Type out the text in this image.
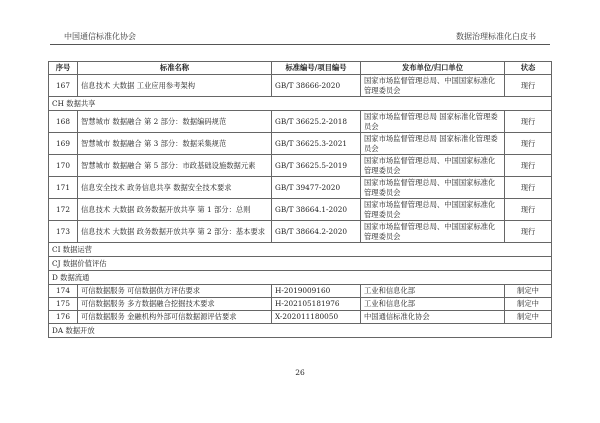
中国通信标准化协会	数据治理标准化白皮书
序号	标准名称	标准编号/项目编号	发布单位/归口单位	状态
167	信息技术 大数据 工业应用参考架构	GB/T 38666-2020	国家市场监督管理总局、中国国家标准化管理委员会	现行
CH 数据共享				
168	智慧城市 数据融合 第 2 部分：数据编码规范	GB/T 36625.2-2018	国家市场监督管理总局 国家标准化管理委员会	现行
169	智慧城市 数据融合 第 3 部分：数据采集规范	GB/T 36625.3-2021	国家市场监督管理总局 国家标准化管理委员会	现行
170	智慧城市 数据融合 第 5 部分：市政基础设施数据元素	GB/T 36625.5-2019	国家市场监督管理总局、中国国家标准化管理委员会	现行
171	信息安全技术 政务信息共享 数据安全技术要求	GB/T 39477-2020	国家市场监督管理总局、中国国家标准化管理委员会	现行
172	信息技术 大数据 政务数据开放共享 第 1 部分：总则	GB/T 38664.1-2020	国家市场监督管理总局、中国国家标准化管理委员会	现行
173	信息技术 大数据 政务数据开放共享 第 2 部分：基本要求	GB/T 38664.2-2020	国家市场监督管理总局、中国国家标准化管理委员会	现行
CI 数据运营				
CJ 数据价值评估				
D 数据流通				
174	可信数据服务 可信数据供方评估要求	H-2019009160	工业和信息化部	制定中
175	可信数据服务 多方数据融合挖掘技术要求	H-202105181976	工业和信息化部	制定中
176	可信数据服务 金融机构外部可信数据源评估要求	X-202011180050	中国通信标准化协会	制定中
DA 数据开放				
26
